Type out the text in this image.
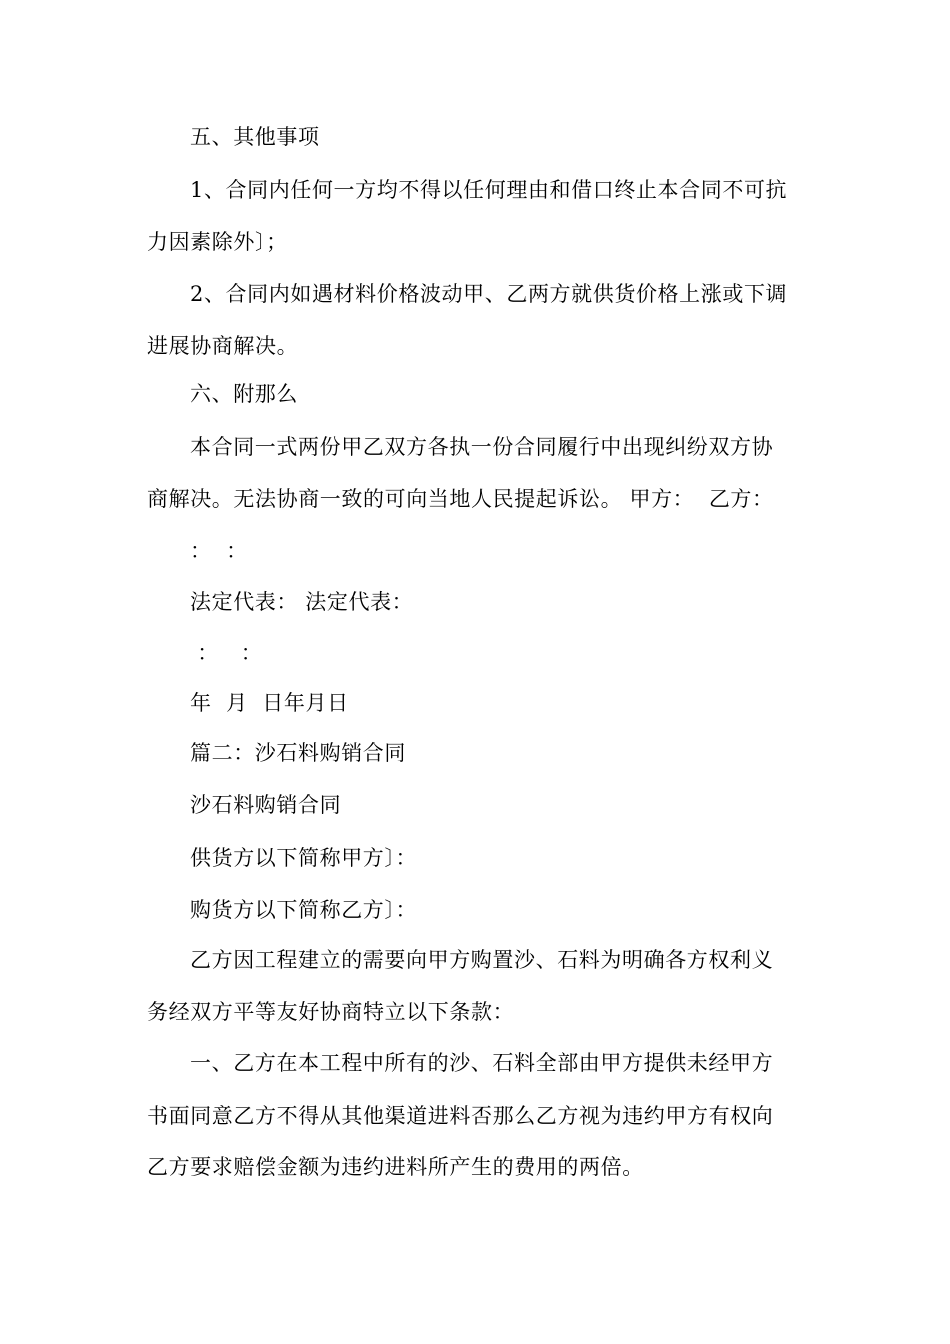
五、其他事项
1、合同内任何一方均不得以任何理由和借口终止本合同不可抗
力因素除外〕；
2、合同内如遇材料价格波动甲、乙两方就供货价格上涨或下调
进展协商解决。
六、附那么
本合同一式两份甲乙双方各执一份合同履行中出现纠纷双方协
商解决。无法协商一致的可向当地人民提起诉讼。 甲方：  乙方：
：  ：
法定代表： 法定代表：
：   ：
年  月  日年月日
篇二：沙石料购销合同
沙石料购销合同
供货方以下简称甲方〕：
购货方以下简称乙方〕：
乙方因工程建立的需要向甲方购置沙、石料为明确各方权利义
务经双方平等友好协商特立以下条款：
一、乙方在本工程中所有的沙、石料全部由甲方提供未经甲方
书面同意乙方不得从其他渠道进料否那么乙方视为违约甲方有权向
乙方要求赔偿金额为违约进料所产生的费用的两倍。
